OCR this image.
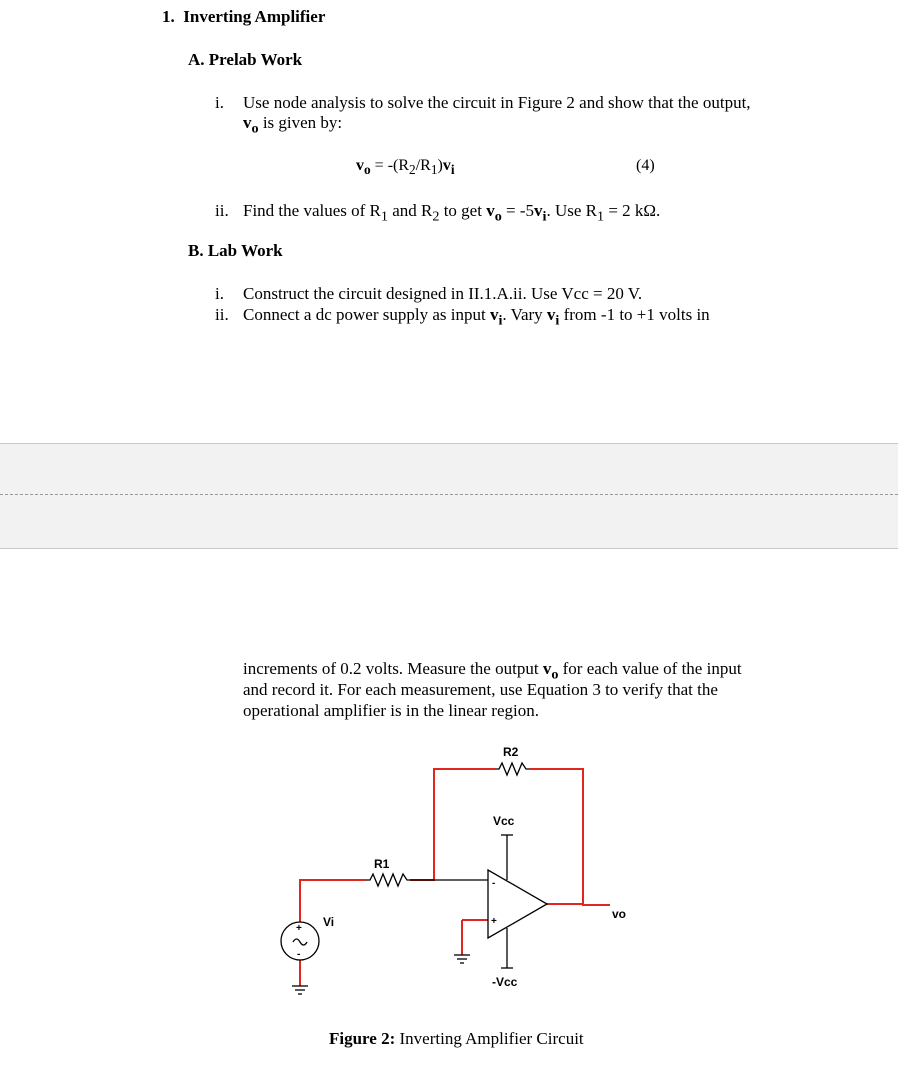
1. Inverting Amplifier
A. Prelab Work
i. Use node analysis to solve the circuit in Figure 2 and show that the output,
$v_o$ is given by:
$v_o = -(R_2/R_1)v_i$	(4)
ii. Find the values of $R_1$ and $R_2$ to get $v_o = -5v_i$. Use $R_1 = 2$ kΩ.
B. Lab Work
i. Construct the circuit designed in II.1.A.ii. Use Vcc = 20 V.
ii. Connect a dc power supply as input $v_i$. Vary $v_i$ from -1 to +1 volts in
increments of 0.2 volts. Measure the output $v_o$ for each value of the input
and record it. For each measurement, use Equation 3 to verify that the
operational amplifier is in the linear region.
R2
Vcc
R1
Vi
vo
-Vcc
-
+
+
-
Figure 2: Inverting Amplifier Circuit
